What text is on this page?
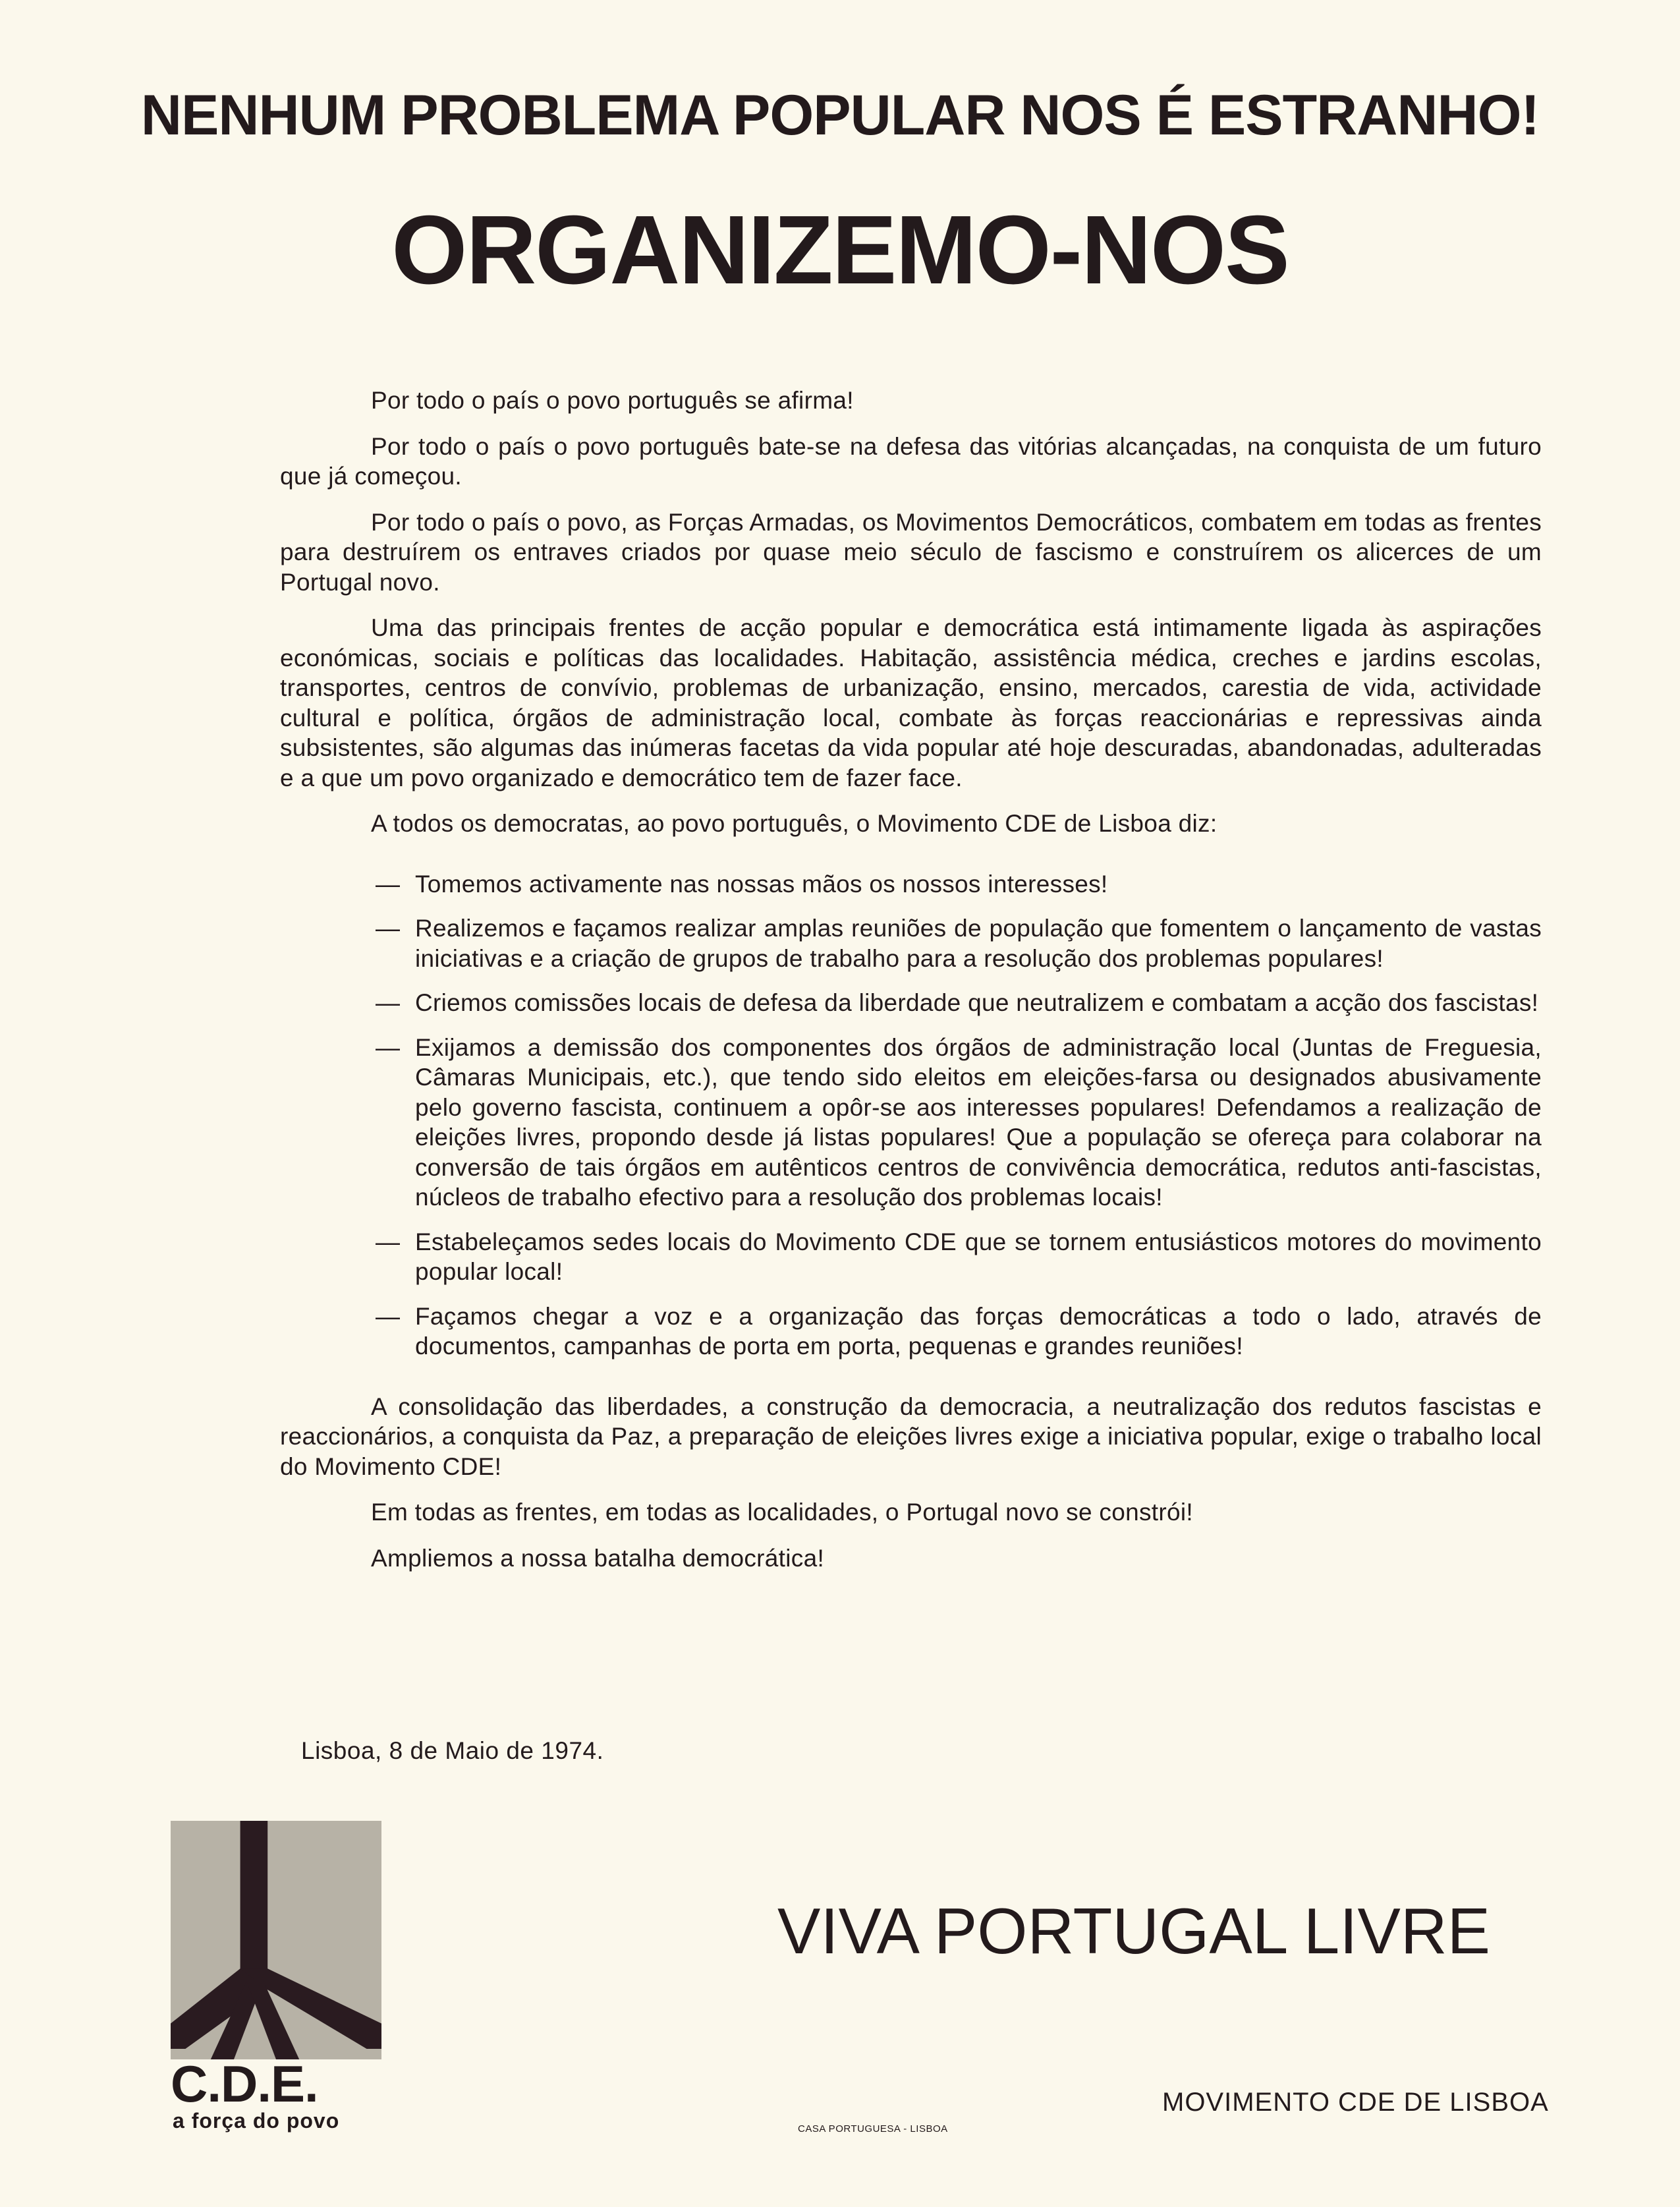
NENHUM PROBLEMA POPULAR NOS É ESTRANHO!
ORGANIZEMO-NOS

Por todo o país o povo português se afirma!

Por todo o país o povo português bate-se na defesa das vitórias alcançadas, na conquista de um futuro que já começou.

Por todo o país o povo, as Forças Armadas, os Movimentos Democráticos, combatem em todas as frentes para destruírem os entraves criados por quase meio século de fascismo e construírem os alicerces de um Portugal novo.

Uma das principais frentes de acção popular e democrática está intimamente ligada às aspirações económicas, sociais e políticas das localidades. Habitação, assistência médica, creches e jardins escolas, transportes, centros de convívio, problemas de urbanização, ensino, mercados, carestia de vida, actividade cultural e política, órgãos de administração local, combate às forças reaccionárias e repressivas ainda subsistentes, são algumas das inúmeras facetas da vida popular até hoje descuradas, abandonadas, adulteradas e a que um povo organizado e democrático tem de fazer face.

A todos os democratas, ao povo português, o Movimento CDE de Lisboa diz:

— Tomemos activamente nas nossas mãos os nossos interesses!
— Realizemos e façamos realizar amplas reuniões de população que fomentem o lançamento de vastas iniciativas e a criação de grupos de trabalho para a resolução dos problemas populares!
— Criemos comissões locais de defesa da liberdade que neutralizem e combatam a acção dos fascistas!
— Exijamos a demissão dos componentes dos órgãos de administração local (Juntas de Freguesia, Câmaras Municipais, etc.), que tendo sido eleitos em eleições-farsa ou designados abusivamente pelo governo fascista, continuem a opôr-se aos interesses populares! Defendamos a realização de eleições livres, propondo desde já listas populares! Que a população se ofereça para colaborar na conversão de tais órgãos em autênticos centros de convivência democrática, redutos anti-fascistas, núcleos de trabalho efectivo para a resolução dos problemas locais!
— Estabeleçamos sedes locais do Movimento CDE que se tornem entusiásticos motores do movimento popular local!
— Façamos chegar a voz e a organização das forças democráticas a todo o lado, através de documentos, campanhas de porta em porta, pequenas e grandes reuniões!

A consolidação das liberdades, a construção da democracia, a neutralização dos redutos fascistas e reaccionários, a conquista da Paz, a preparação de eleições livres exige a iniciativa popular, exige o trabalho local do Movimento CDE!

Em todas as frentes, em todas as localidades, o Portugal novo se constrói!

Ampliemos a nossa batalha democrática!

Lisboa, 8 de Maio de 1974.
C.D.E.
a força do povo
VIVA PORTUGAL LIVRE
MOVIMENTO CDE DE LISBOA
CASA PORTUGUESA - LISBOA
